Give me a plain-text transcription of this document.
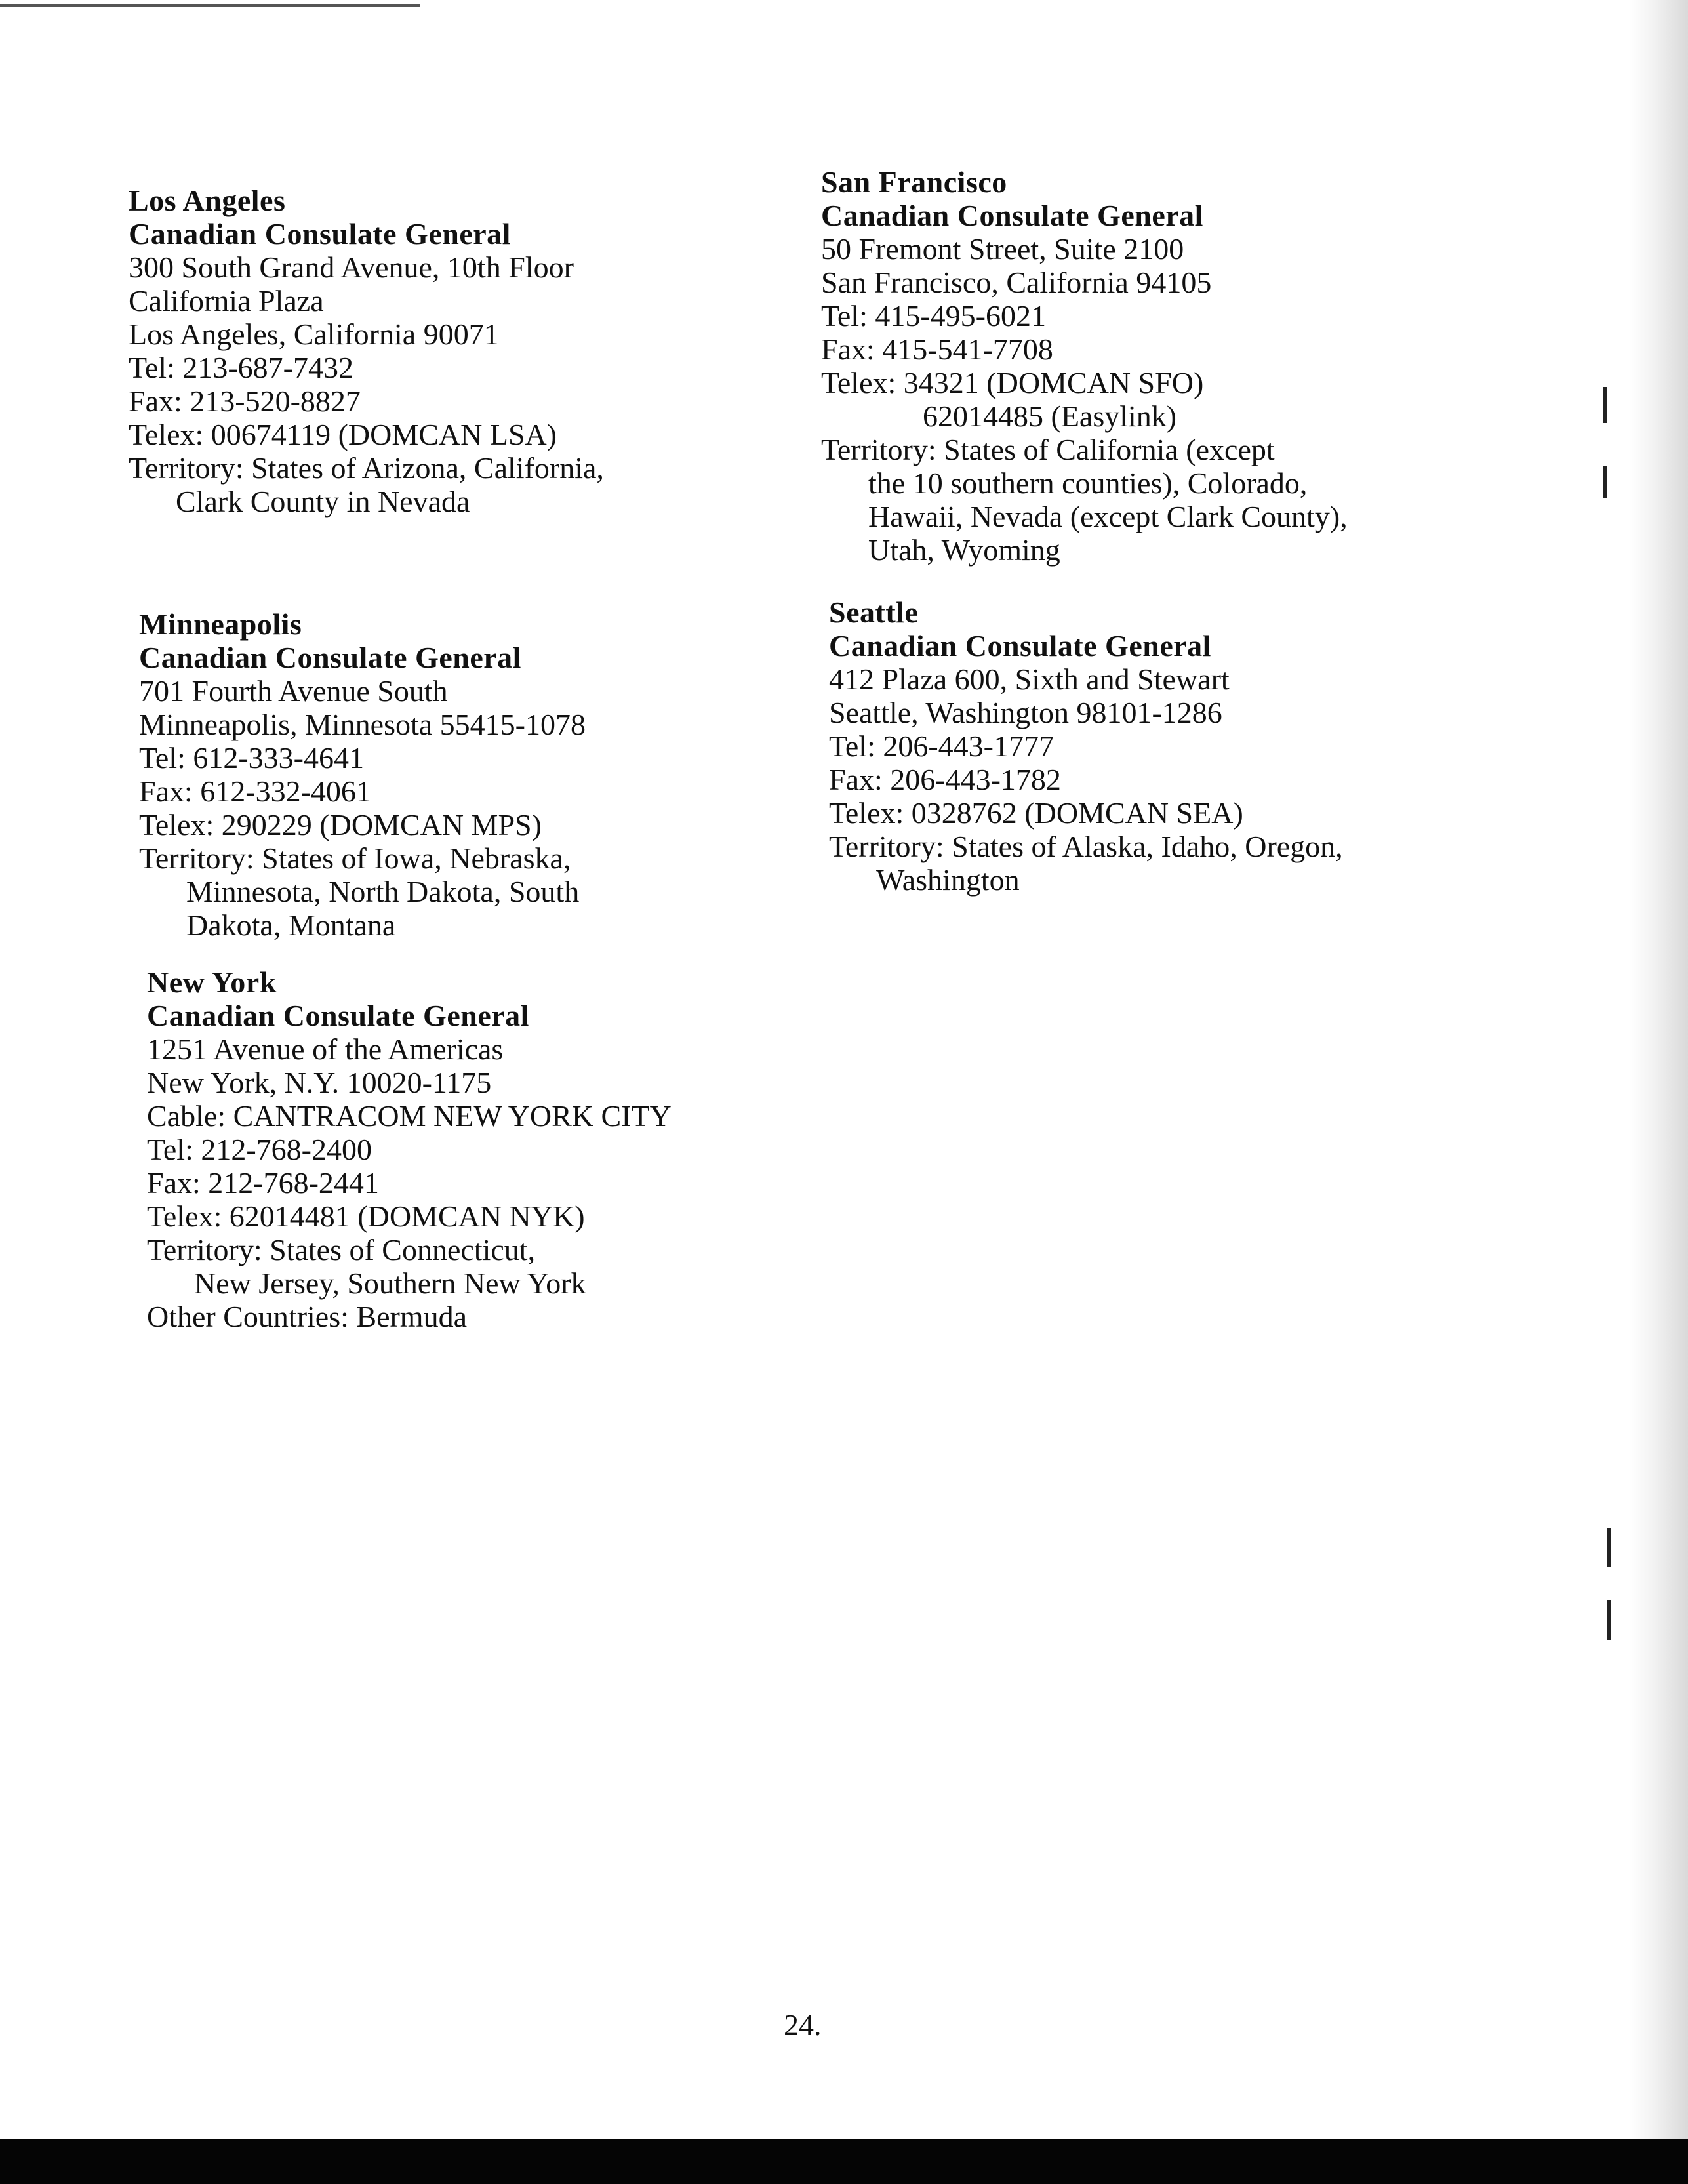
Los Angeles
Canadian Consulate General
300 South Grand Avenue, 10th Floor
California Plaza
Los Angeles, California 90071
Tel: 213-687-7432
Fax: 213-520-8827
Telex: 00674119 (DOMCAN LSA)
Territory: States of Arizona, California,
Clark County in Nevada
San Francisco
Canadian Consulate General
50 Fremont Street, Suite 2100
San Francisco, California 94105
Tel: 415-495-6021
Fax: 415-541-7708
Telex: 34321 (DOMCAN SFO)
62014485 (Easylink)
Territory: States of California (except
the 10 southern counties), Colorado,
Hawaii, Nevada (except Clark County),
Utah, Wyoming
Minneapolis
Canadian Consulate General
701 Fourth Avenue South
Minneapolis, Minnesota 55415-1078
Tel: 612-333-4641
Fax: 612-332-4061
Telex: 290229 (DOMCAN MPS)
Territory: States of Iowa, Nebraska,
Minnesota, North Dakota, South
Dakota, Montana
Seattle
Canadian Consulate General
412 Plaza 600, Sixth and Stewart
Seattle, Washington 98101-1286
Tel: 206-443-1777
Fax: 206-443-1782
Telex: 0328762 (DOMCAN SEA)
Territory: States of Alaska, Idaho, Oregon,
Washington
New York
Canadian Consulate General
1251 Avenue of the Americas
New York, N.Y. 10020-1175
Cable: CANTRACOM NEW YORK CITY
Tel: 212-768-2400
Fax: 212-768-2441
Telex: 62014481 (DOMCAN NYK)
Territory: States of Connecticut,
New Jersey, Southern New York
Other Countries: Bermuda
24.
